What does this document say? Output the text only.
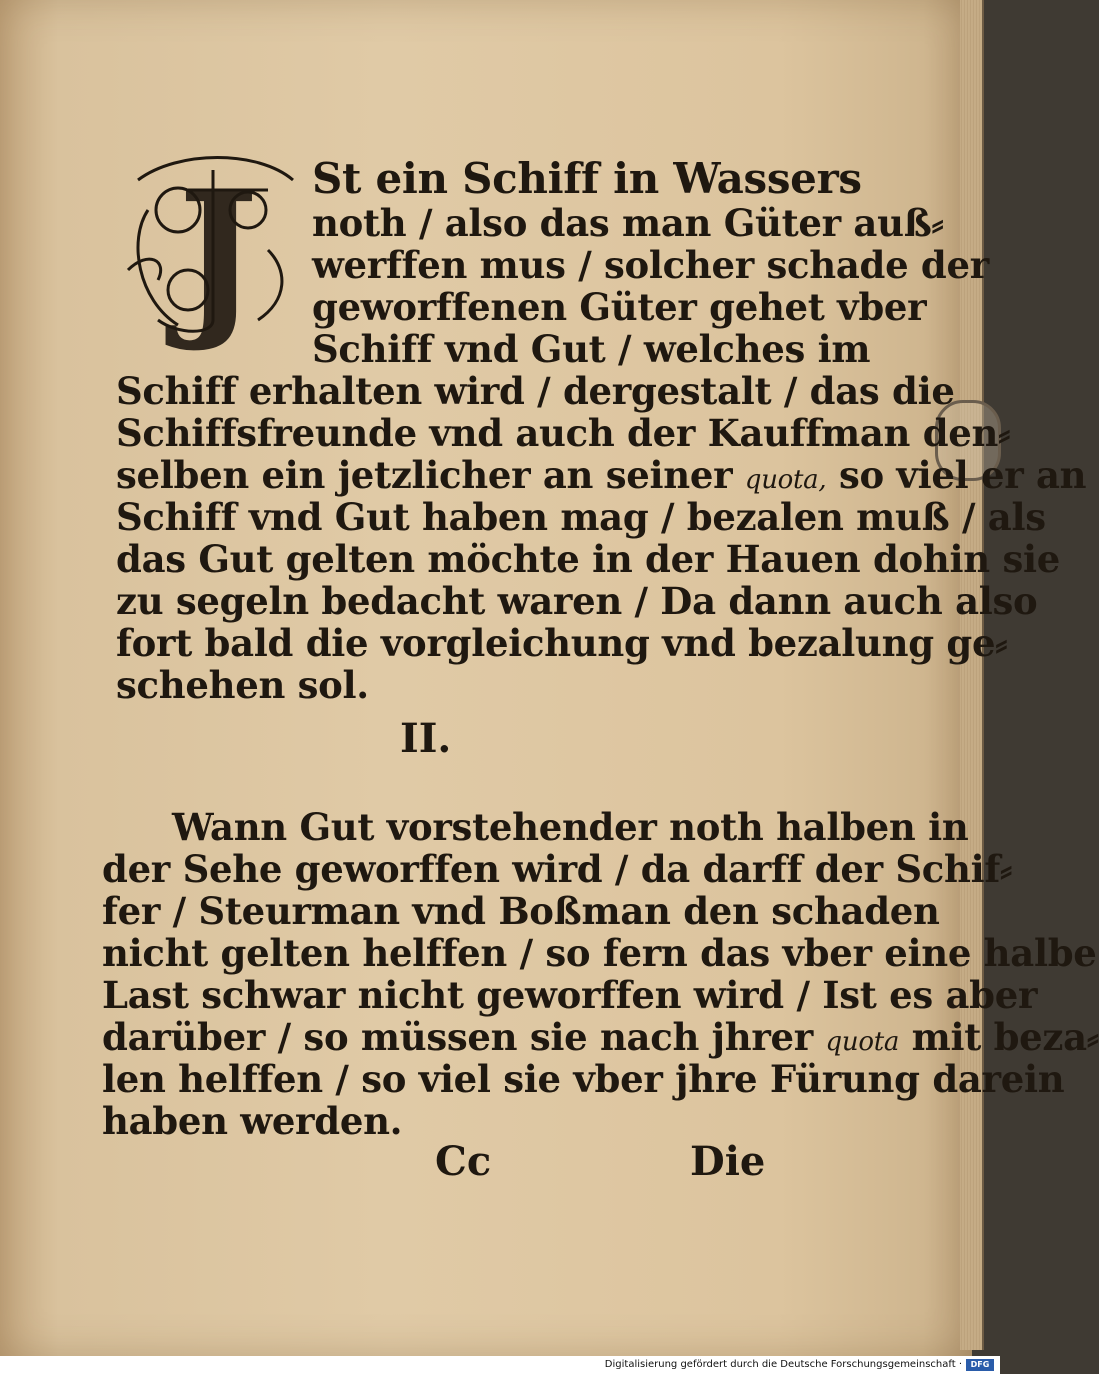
J St ein Schiff in Wassers
noth / also das man Güter auß⸗
werffen mus / solcher schade der
geworffenen Güter gehet vber
Schiff vnd Gut / welches im
Schiff erhalten wird / dergestalt / das die
Schiffsfreunde vnd auch der Kauffman den⸗
selben ein jetzlicher an seiner quota, so viel er an
Schiff vnd Gut haben mag / bezalen muß / als
das Gut gelten möchte in der Hauen dohin sie
zu segeln bedacht waren / Da dann auch also
fort bald die vorgleichung vnd bezalung ge⸗
schehen sol.
II.
Wann Gut vorstehender noth halben in
der Sehe geworffen wird / da darff der Schif⸗
fer / Steurman vnd Boßman den schaden
nicht gelten helffen / so fern das vber eine halbe
Last schwar nicht geworffen wird / Ist es aber
darüber / so müssen sie nach jhrer quota mit beza⸗
len helffen / so viel sie vber jhre Fürung darein
haben werden.
Cc	Die
Digitalisierung gefördert durch die Deutsche Forschungsgemeinschaft ·	DFG
